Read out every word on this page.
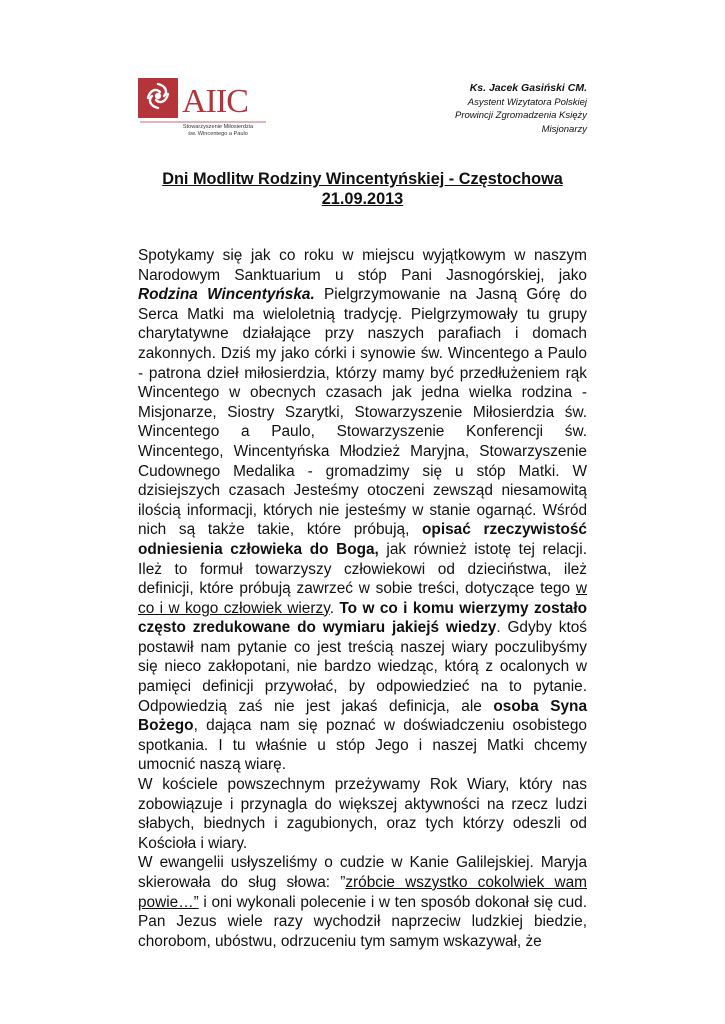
AIIC
Stowarzyszenie Miłosierdzia
św. Wincentego a Paulo
Ks. Jacek Gasiński CM.
Asystent Wizytatora Polskiej
Prowincji Zgromadzenia Księży
Misjonarzy
Dni Modlitw Rodziny Wincentyńskiej - Częstochowa
21.09.2013

Spotykamy się jak co roku w miejscu wyjątkowym w naszym Narodowym Sanktuarium u stóp Pani Jasnogórskiej, jako Rodzina Wincentyńska. Pielgrzymowanie na Jasną Górę do Serca Matki ma wieloletnią tradycję. Pielgrzymowały tu grupy charytatywne działające przy naszych parafiach i domach zakonnych. Dziś my jako córki i synowie św. Wincentego a Paulo - patrona dzieł miłosierdzia, którzy mamy być przedłużeniem rąk Wincentego w obecnych czasach jak jedna wielka rodzina - Misjonarze, Siostry Szarytki, Stowarzyszenie Miłosierdzia św. Wincentego a Paulo, Stowarzyszenie Konferencji św. Wincentego, Wincentyńska Młodzież Maryjna, Stowarzyszenie Cudownego Medalika - gromadzimy się u stóp Matki. W dzisiejszych czasach Jesteśmy otoczeni zewsząd niesamowitą ilością informacji, których nie jesteśmy w stanie ogarnąć. Wśród nich są także takie, które próbują, opisać rzeczywistość odniesienia człowieka do Boga, jak również istotę tej relacji. Ileż to formuł towarzyszy człowiekowi od dzieciństwa, ileż definicji, które próbują zawrzeć w sobie treści, dotyczące tego w co i w kogo człowiek wierzy. To w co i komu wierzymy zostało często zredukowane do wymiaru jakiejś wiedzy. Gdyby ktoś postawił nam pytanie co jest treścią naszej wiary poczulibyśmy się nieco zakłopotani, nie bardzo wiedząc, którą z ocalonych w pamięci definicji przywołać, by odpowiedzieć na to pytanie. Odpowiedzią zaś nie jest jakaś definicja, ale osoba Syna Bożego, dająca nam się poznać w doświadczeniu osobistego spotkania. I tu właśnie u stóp Jego i naszej Matki chcemy umocnić naszą wiarę.

W kościele powszechnym przeżywamy Rok Wiary, który nas zobowiązuje i przynagla do większej aktywności na rzecz ludzi słabych, biednych i zagubionych, oraz tych którzy odeszli od Kościoła i wiary.

W ewangelii usłyszeliśmy o cudzie w Kanie Galilejskiej. Maryja skierowała do sług słowa: ”zróbcie wszystko cokolwiek wam powie…” i oni wykonali polecenie i w ten sposób dokonał się cud. Pan Jezus wiele razy wychodził naprzeciw ludzkiej biedzie, chorobom, ubóstwu, odrzuceniu tym samym wskazywał, że
